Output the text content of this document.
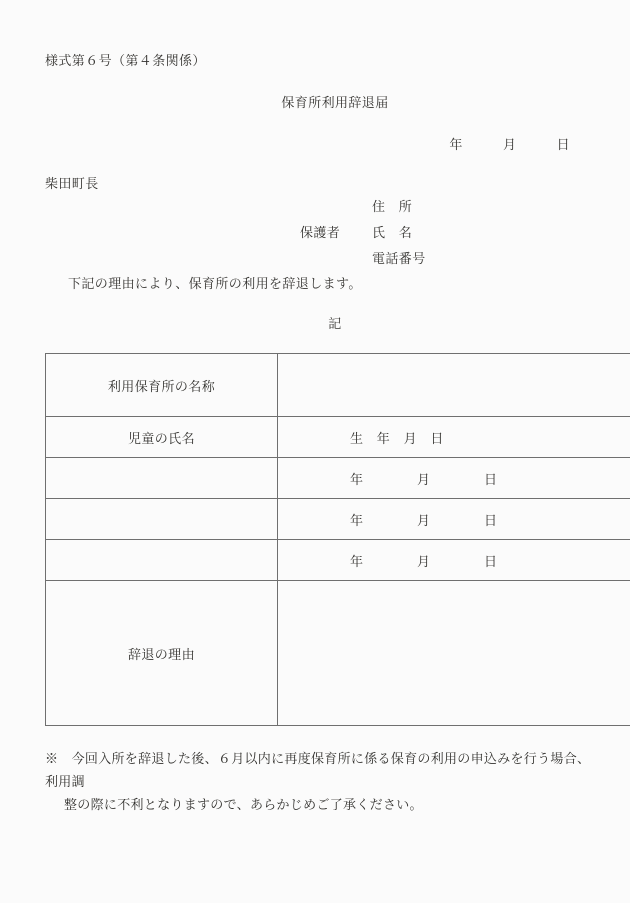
様式第６号（第４条関係）
保育所利用辞退届
年　　　月　　　日
柴田町長
住　所
保護者	氏　名
電話番号
下記の理由により、保育所の利用を辞退します。
記
利用保育所の名称	
児童の氏名	生　年　月　日
	年　　　　月　　　　日
	年　　　　月　　　　日
	年　　　　月　　　　日
辞退の理由	
※　今回入所を辞退した後、６月以内に再度保育所に係る保育の利用の申込みを行う場合、利用調
整の際に不利となりますので、あらかじめご了承ください。
